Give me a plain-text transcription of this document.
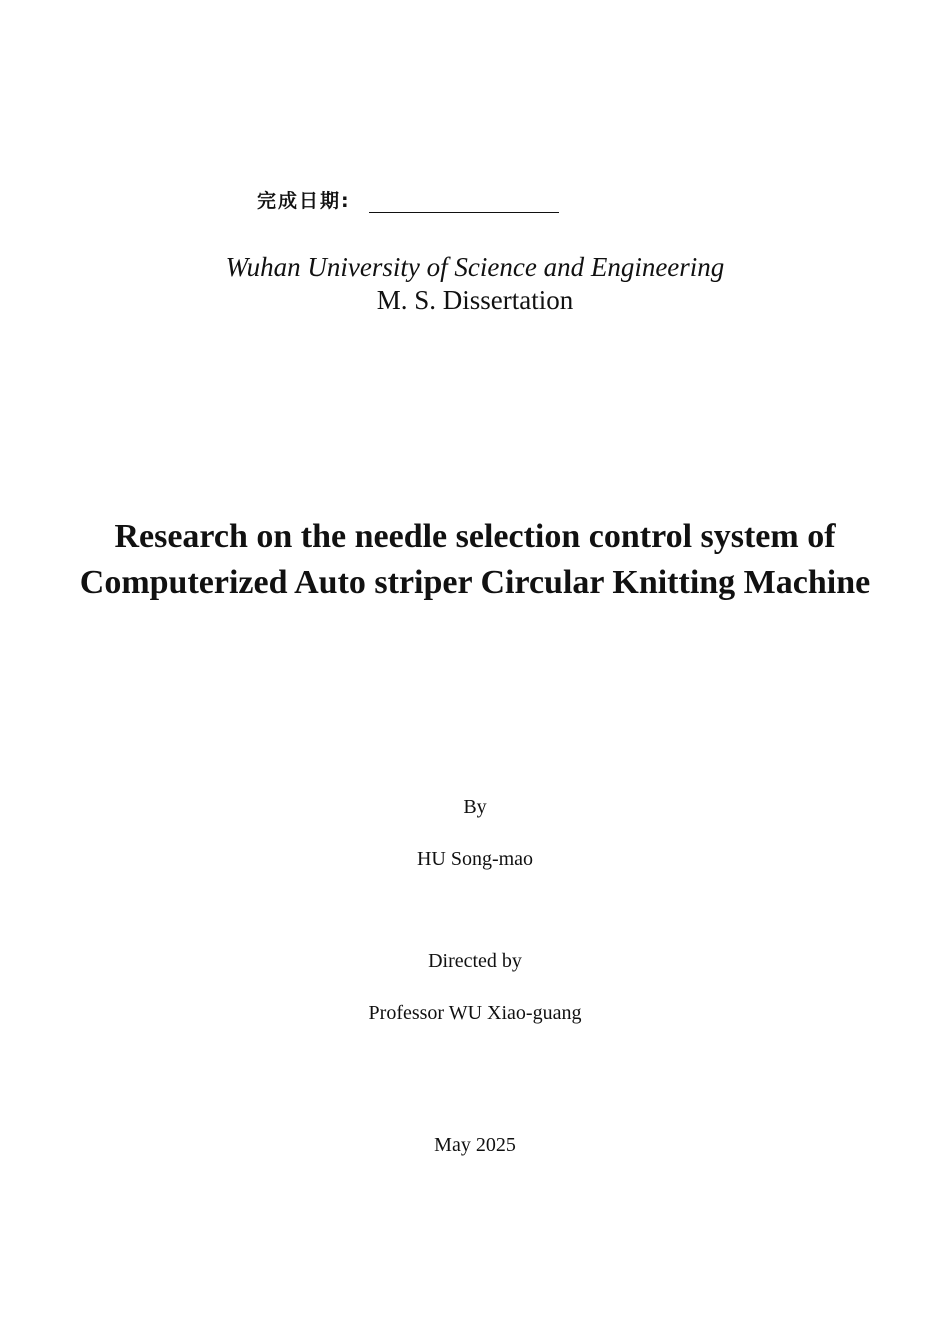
完成日期:
Wuhan University of Science and Engineering
M. S. Dissertation
Research on the needle selection control system of Computerized Auto striper Circular Knitting Machine
By
HU Song-mao
Directed by
Professor WU Xiao-guang
May 2025
